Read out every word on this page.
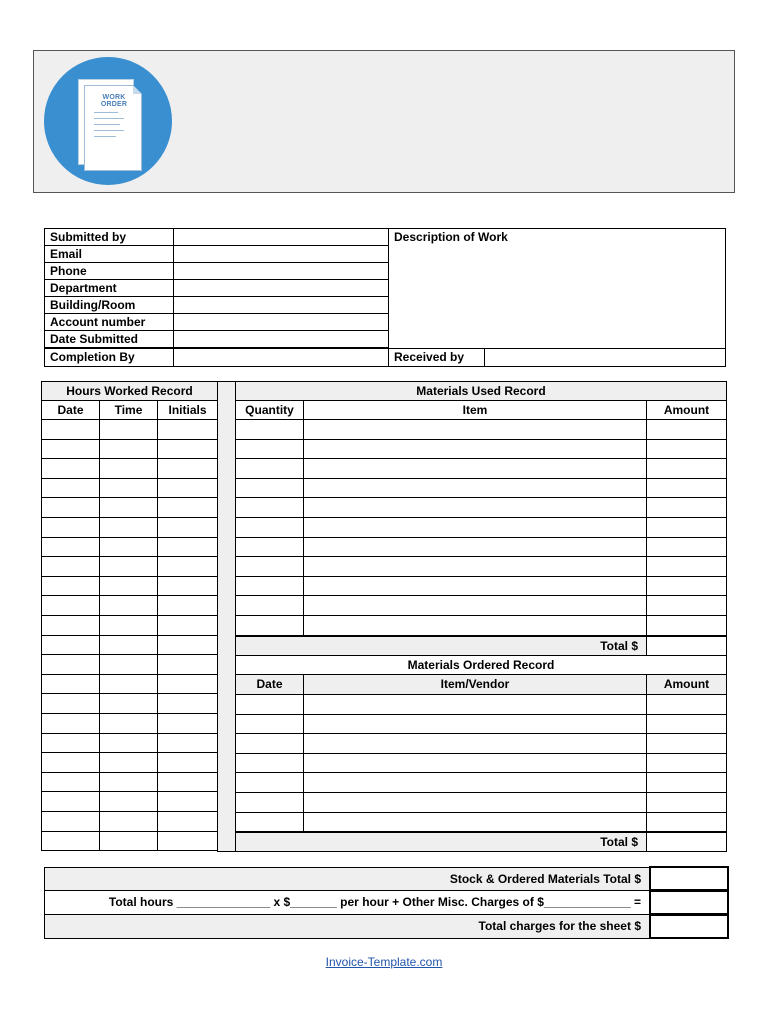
WORK ORDER
Submitted by
Email
Phone
Department
Building/Room
Account number
Date Submitted
Completion By
Description of Work
Received by
Hours Worked Record
Date	Time	Initials
Materials Used Record
Quantity	Item	Amount
Total $
Materials Ordered Record
Date	Item/Vendor	Amount
Total $
Stock & Ordered Materials Total $
Total hours ______________ x $_______ per hour + Other Misc. Charges of $_____________ =
Total charges for the sheet $
Invoice-Template.com
